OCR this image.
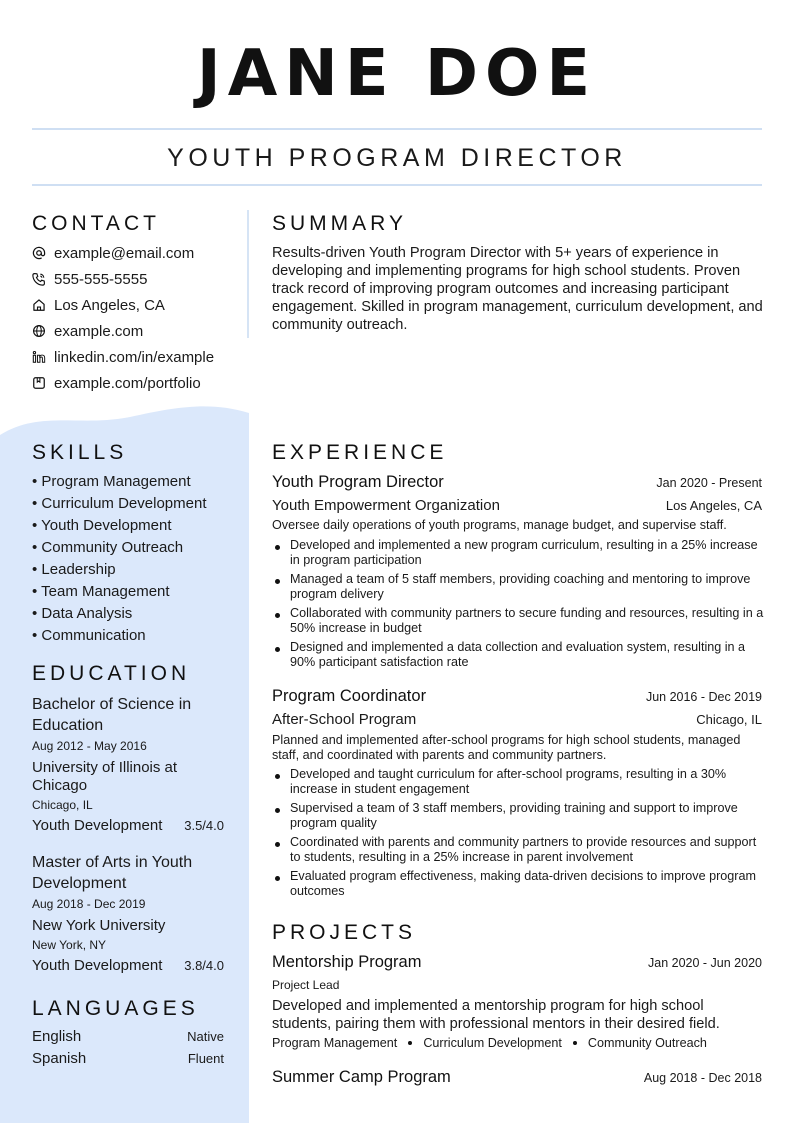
JANE DOE
YOUTH PROGRAM DIRECTOR
CONTACT
example@email.com
555-555-5555
Los Angeles, CA
example.com
linkedin.com/in/example
example.com/portfolio
SKILLS
• Program Management
• Curriculum Development
• Youth Development
• Community Outreach
• Leadership
• Team Management
• Data Analysis
• Communication
EDUCATION
Bachelor of Science in Education
Aug 2012 - May 2016
University of Illinois at Chicago
Chicago, IL
Youth Development 3.5/4.0
Master of Arts in Youth Development
Aug 2018 - Dec 2019
New York University
New York, NY
Youth Development 3.8/4.0
LANGUAGES
English	Native
Spanish	Fluent
SUMMARY
Results-driven Youth Program Director with 5+ years of experience in developing and implementing programs for high school students. Proven track record of improving program outcomes and increasing participant engagement. Skilled in program management, curriculum development, and community outreach.
EXPERIENCE
Youth Program Director	Jan 2020 - Present
Youth Empowerment Organization	Los Angeles, CA
Oversee daily operations of youth programs, manage budget, and supervise staff.
Developed and implemented a new program curriculum, resulting in a 25% increase in program participation
Managed a team of 5 staff members, providing coaching and mentoring to improve program delivery
Collaborated with community partners to secure funding and resources, resulting in a 50% increase in budget
Designed and implemented a data collection and evaluation system, resulting in a 90% participant satisfaction rate
Program Coordinator	Jun 2016 - Dec 2019
After-School Program	Chicago, IL
Planned and implemented after-school programs for high school students, managed staff, and coordinated with parents and community partners.
Developed and taught curriculum for after-school programs, resulting in a 30% increase in student engagement
Supervised a team of 3 staff members, providing training and support to improve program quality
Coordinated with parents and community partners to provide resources and support to students, resulting in a 25% increase in parent involvement
Evaluated program effectiveness, making data-driven decisions to improve program outcomes
PROJECTS
Mentorship Program	Jan 2020 - Jun 2020
Project Lead
Developed and implemented a mentorship program for high school students, pairing them with professional mentors in their desired field.
Program Management Curriculum Development Community Outreach
Summer Camp Program	Aug 2018 - Dec 2018
